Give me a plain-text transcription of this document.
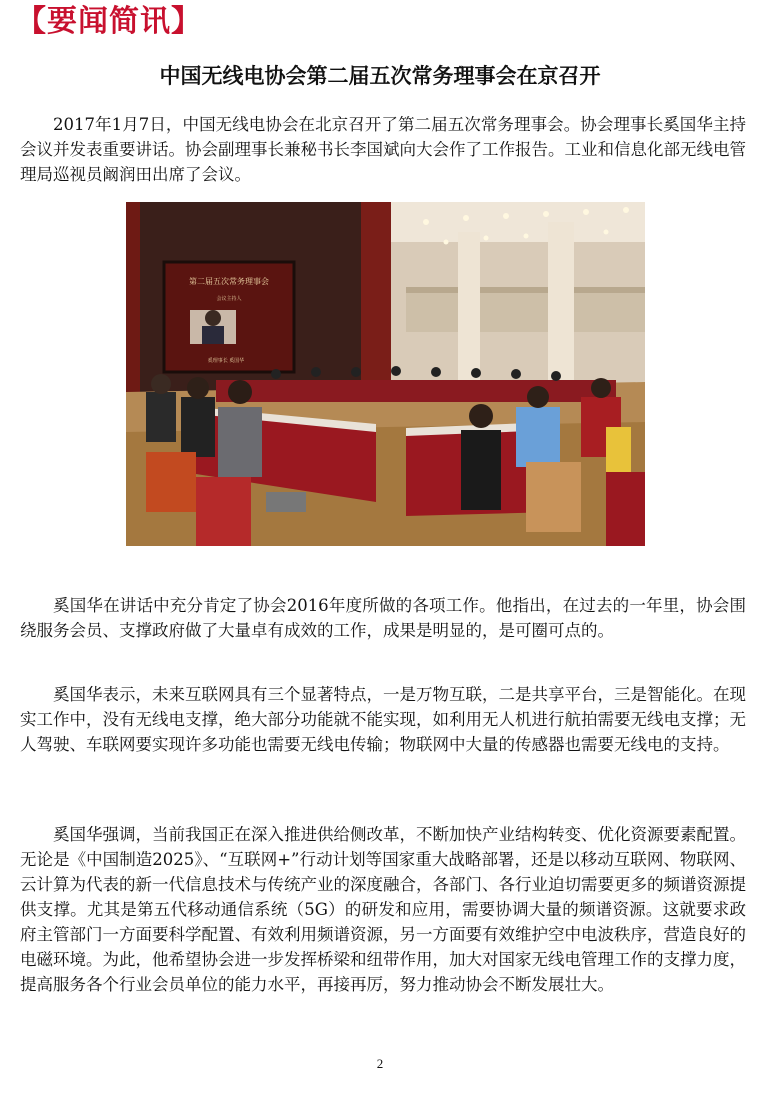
【要闻简讯】
中国无线电协会第二届五次常务理事会在京召开

2017年1月7日，中国无线电协会在北京召开了第二届五次常务理事会。协会理事长奚国华主持会议并发表重要讲话。协会副理事长兼秘书长李国斌向大会作了工作报告。工业和信息化部无线电管理局巡视员阚润田出席了会议。

第二届五次常务理事会
会议主持人
奚理事长 奚国华

奚国华在讲话中充分肯定了协会2016年度所做的各项工作。他指出，在过去的一年里，协会围绕服务会员、支撑政府做了大量卓有成效的工作，成果是明显的，是可圈可点的。

奚国华表示，未来互联网具有三个显著特点，一是万物互联，二是共享平台，三是智能化。在现实工作中，没有无线电支撑，绝大部分功能就不能实现，如利用无人机进行航拍需要无线电支撑；无人驾驶、车联网要实现许多功能也需要无线电传输；物联网中大量的传感器也需要无线电的支持。

奚国华强调，当前我国正在深入推进供给侧改革，不断加快产业结构转变、优化资源要素配置。无论是《中国制造2025》、“互联网+”行动计划等国家重大战略部署，还是以移动互联网、物联网、云计算为代表的新一代信息技术与传统产业的深度融合，各部门、各行业迫切需要更多的频谱资源提供支撑。尤其是第五代移动通信系统（5G）的研发和应用，需要协调大量的频谱资源。这就要求政府主管部门一方面要科学配置、有效利用频谱资源，另一方面要有效维护空中电波秩序，营造良好的电磁环境。为此，他希望协会进一步发挥桥梁和纽带作用，加大对国家无线电管理工作的支撑力度，提高服务各个行业会员单位的能力水平，再接再厉，努力推动协会不断发展壮大。

2
